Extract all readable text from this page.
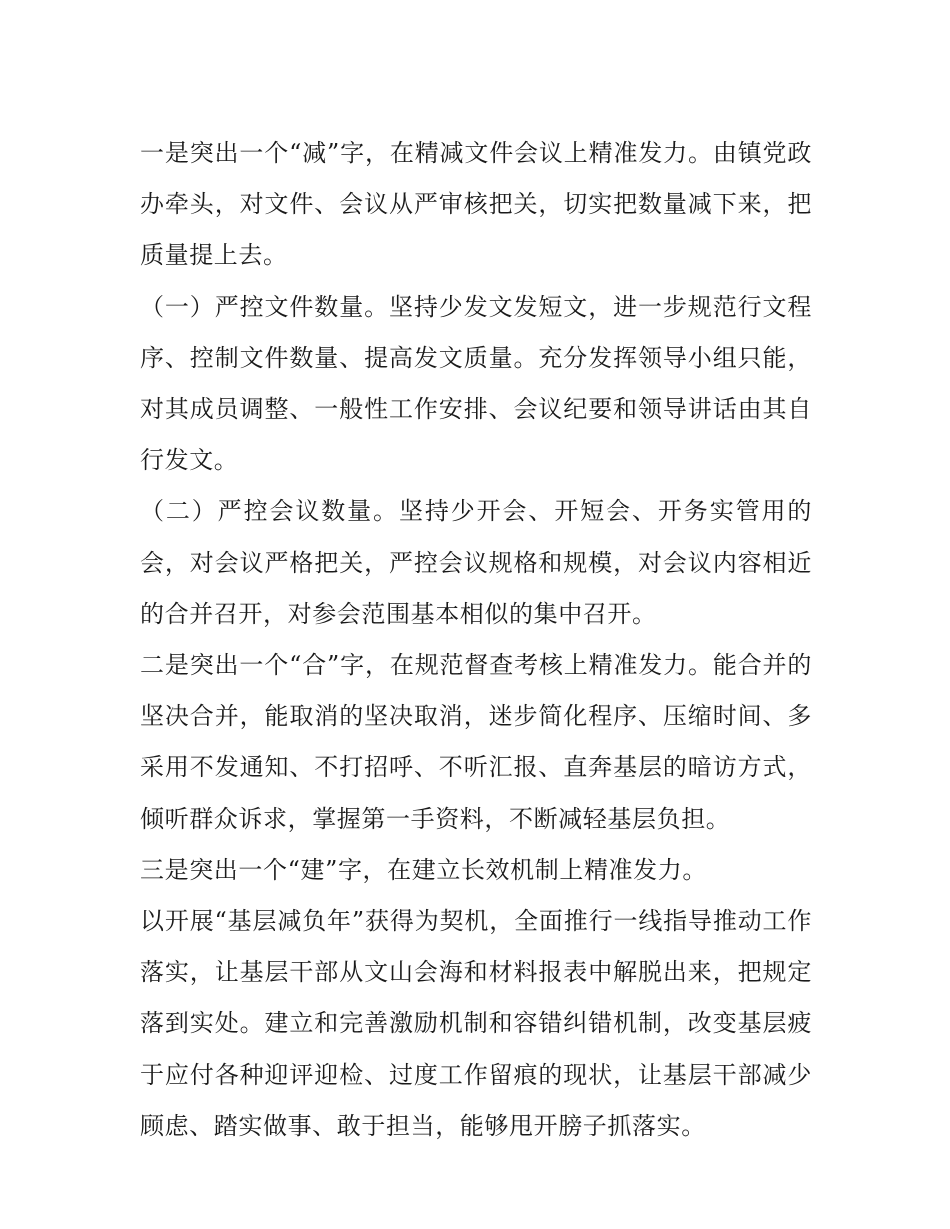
一是突出一个“减”字，在精减文件会议上精准发力。由镇党政办牵头，对文件、会议从严审核把关，切实把数量减下来，把质量提上去。

（一）严控文件数量。坚持少发文发短文，进一步规范行文程序、控制文件数量、提高发文质量。充分发挥领导小组只能，对其成员调整、一般性工作安排、会议纪要和领导讲话由其自行发文。

（二）严控会议数量。坚持少开会、开短会、开务实管用的会，对会议严格把关，严控会议规格和规模，对会议内容相近的合并召开，对参会范围基本相似的集中召开。

二是突出一个“合”字，在规范督查考核上精准发力。能合并的坚决合并，能取消的坚决取消，迷步简化程序、压缩时间、多采用不发通知、不打招呼、不听汇报、直奔基层的暗访方式，倾听群众诉求，掌握第一手资料，不断减轻基层负担。

三是突出一个“建”字，在建立长效机制上精准发力。

以开展“基层减负年”获得为契机，全面推行一线指导推动工作落实，让基层干部从文山会海和材料报表中解脱出来，把规定落到实处。建立和完善激励机制和容错纠错机制，改变基层疲于应付各种迎评迎检、过度工作留痕的现状，让基层干部减少顾虑、踏实做事、敢于担当，能够甩开膀子抓落实。
